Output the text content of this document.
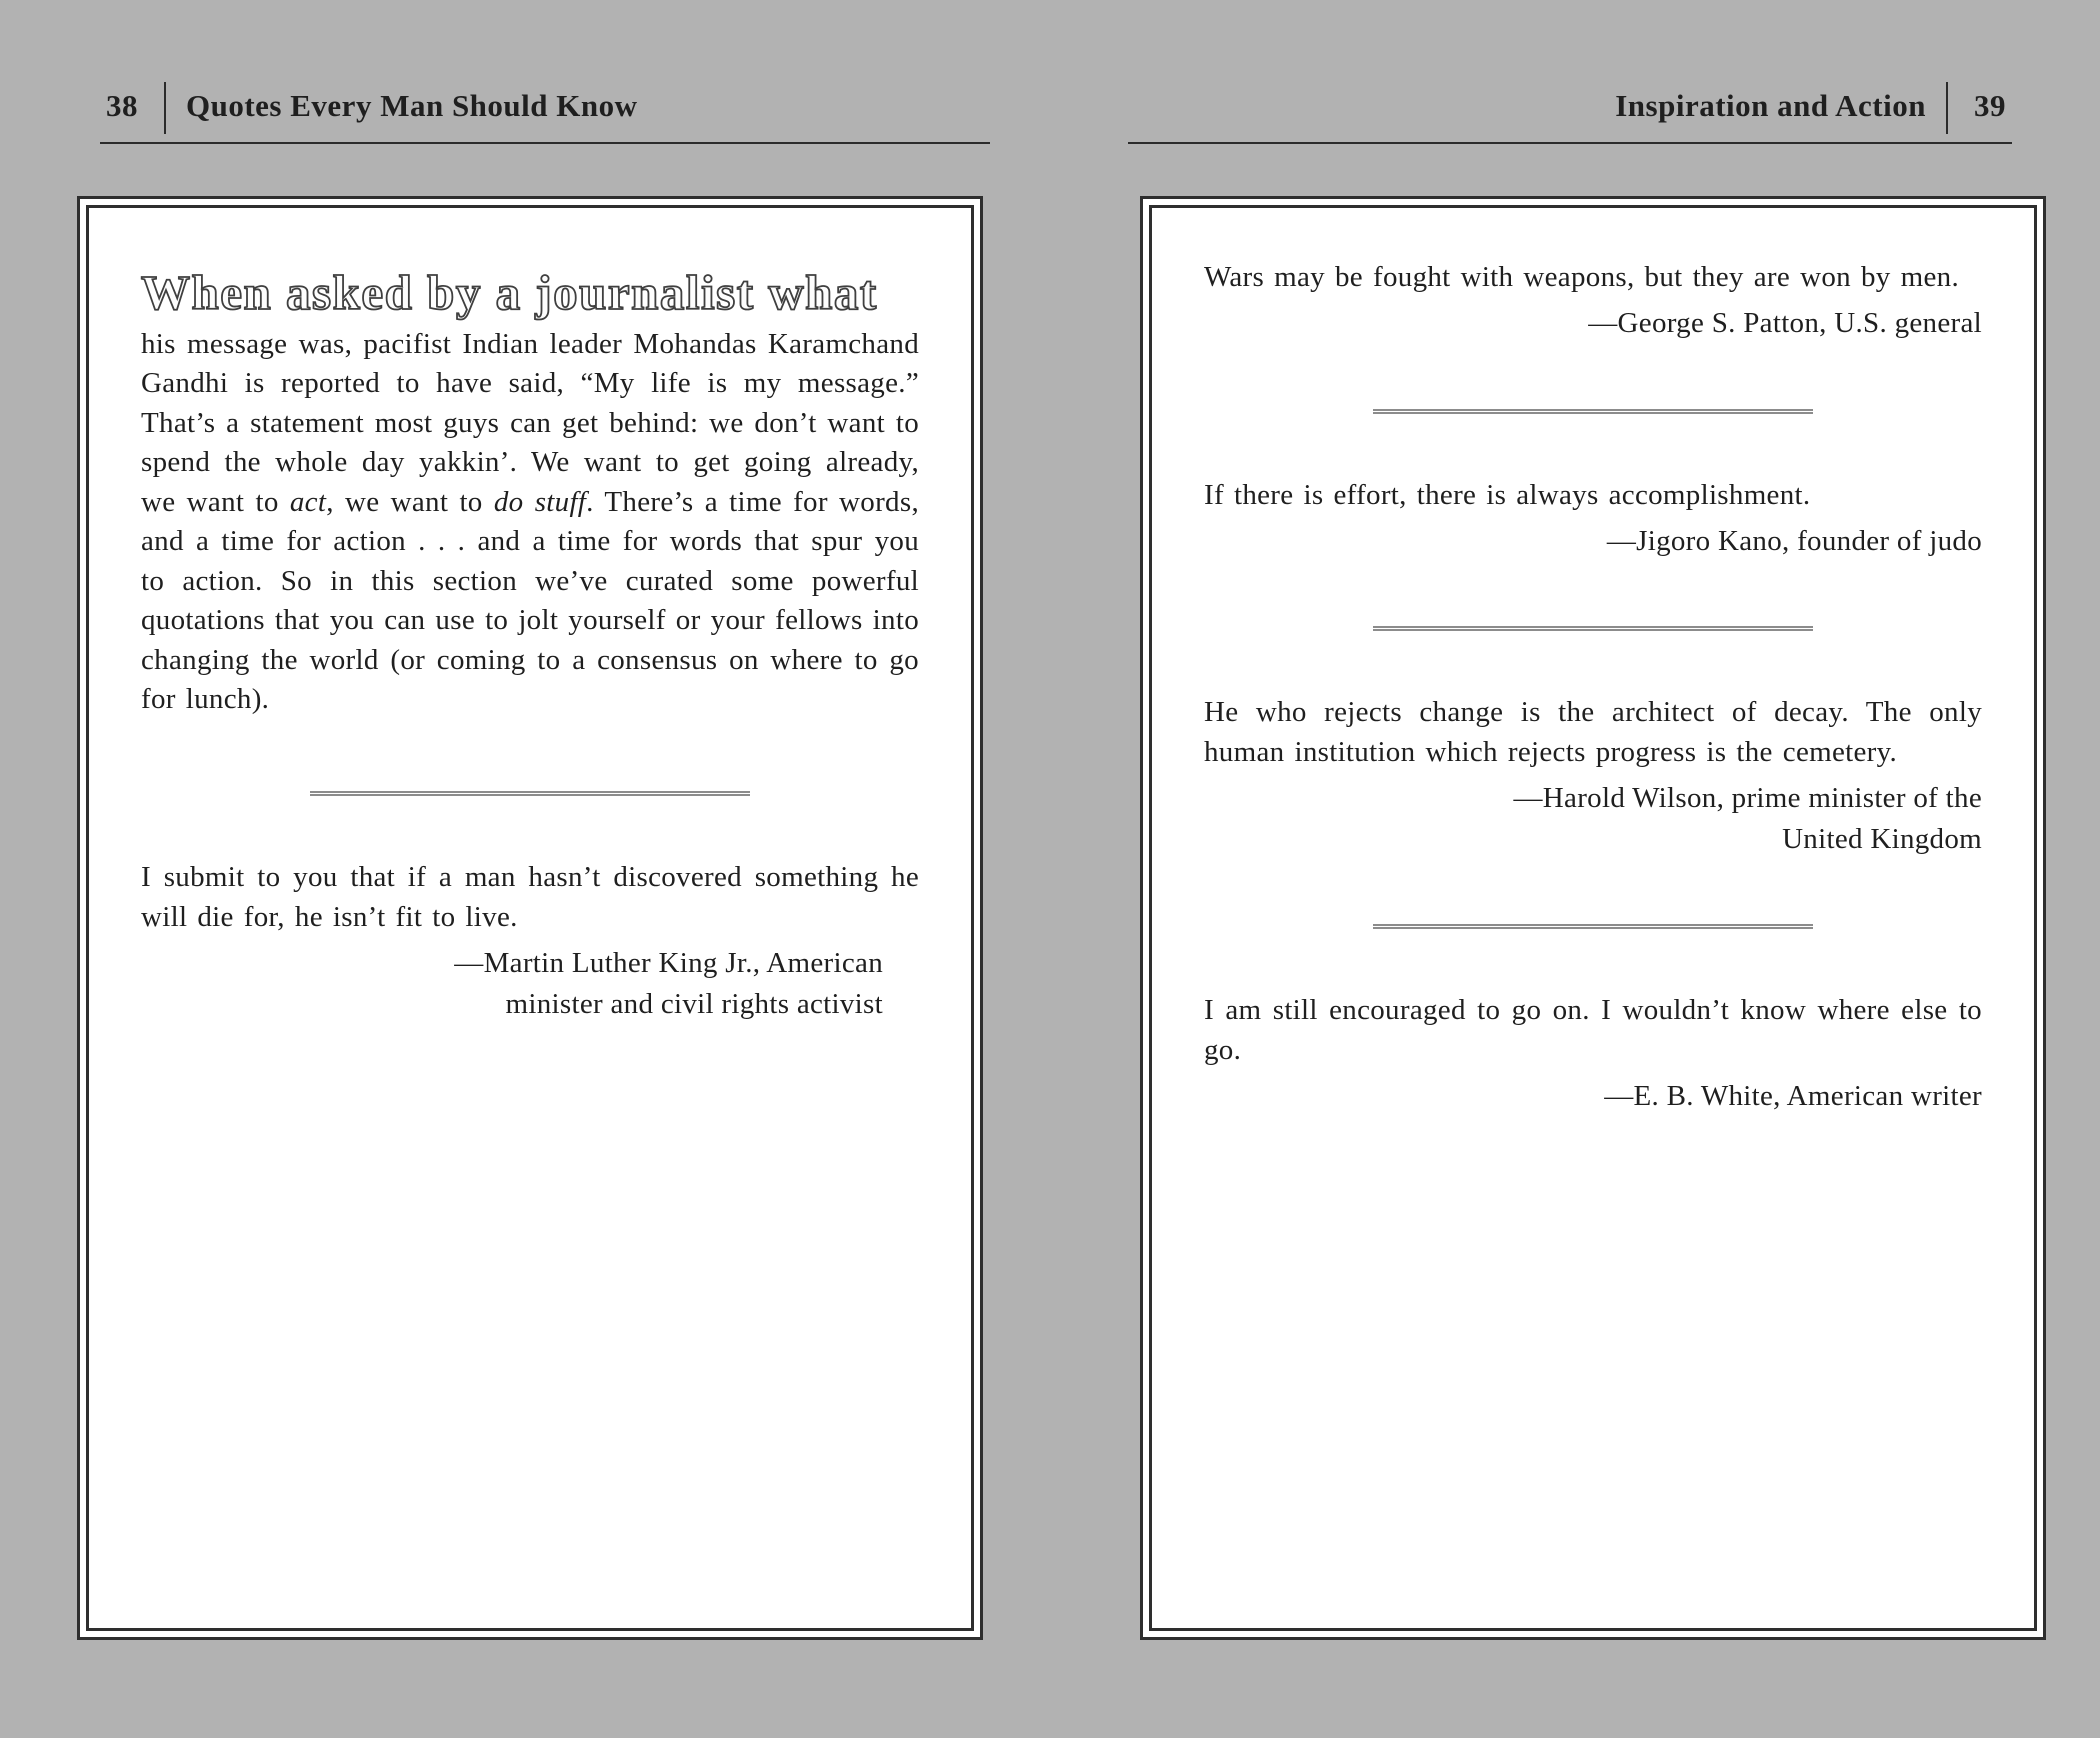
38 Quotes Every Man Should Know	Inspiration and Action 39
When asked by a journalist what

his message was, pacifist Indian leader Mohandas Karamchand Gandhi is reported to have said, “My life is my message.” That’s a statement most guys can get behind: we don’t want to spend the whole day yakkin’. We want to get going already, we want to act, we want to do stuff. There’s a time for words, and a time for action . . . and a time for words that spur you to action. So in this section we’ve curated some powerful quotations that you can use to jolt yourself or your fellows into changing the world (or coming to a consensus on where to go for lunch).

I submit to you that if a man hasn’t discovered something he will die for, he isn’t fit to live.

—Martin Luther King Jr., American
minister and civil rights activist

Wars may be fought with weapons, but they are won by men.

—George S. Patton, U.S. general

If there is effort, there is always accomplishment.

—Jigoro Kano, founder of judo

He who rejects change is the architect of decay. The only human institution which rejects progress is the cemetery.

—Harold Wilson, prime minister of the
United Kingdom

I am still encouraged to go on. I wouldn’t know where else to go.

—E. B. White, American writer
